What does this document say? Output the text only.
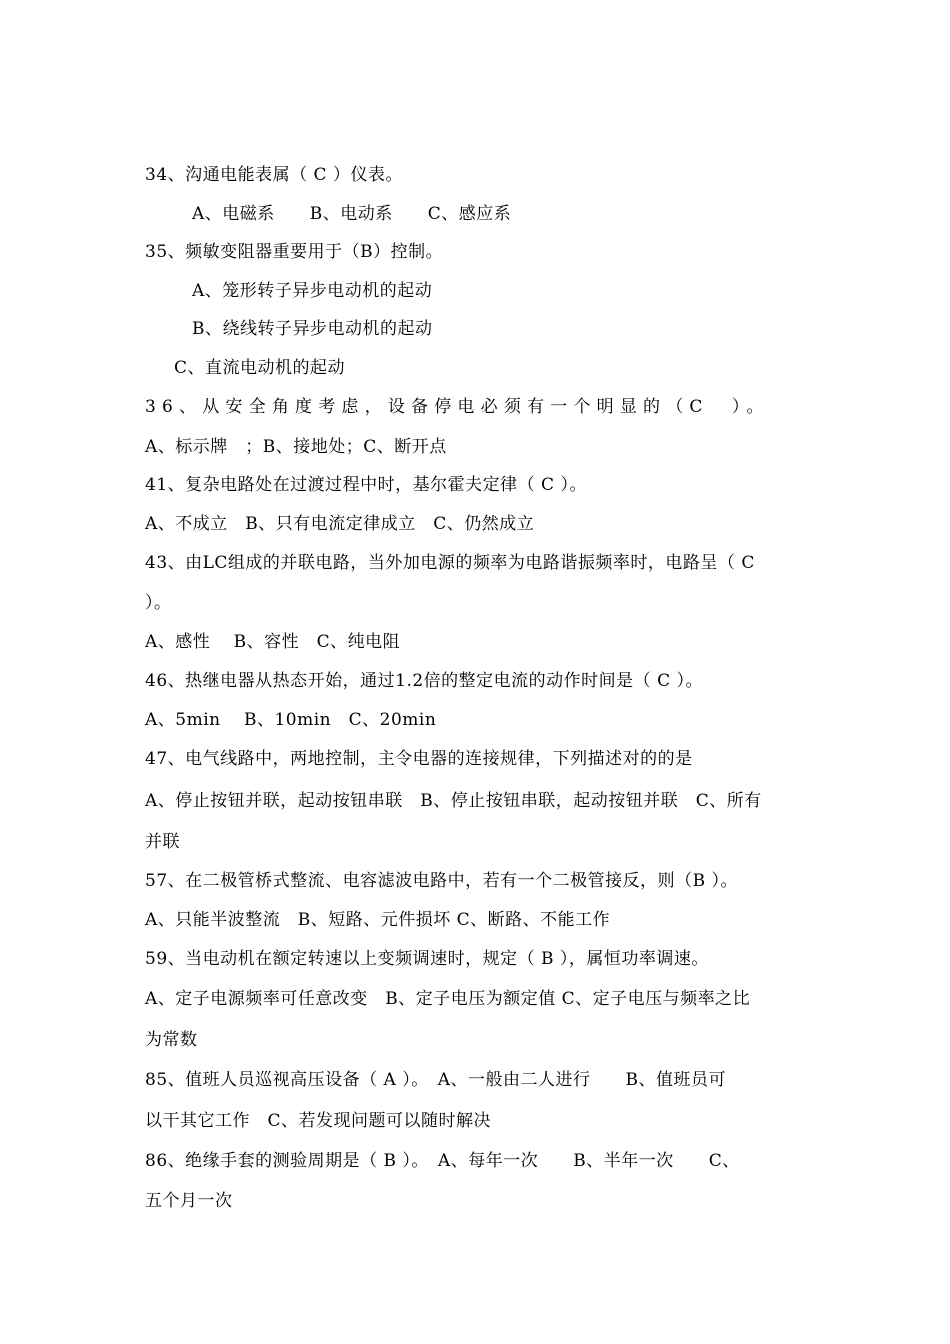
34、沟通电能表属（ C ）仪表。
A、电磁系　　B、电动系　　C、感应系
35、频敏变阻器重要用于（B）控制。
A、笼形转子异步电动机的起动
B、绕线转子异步电动机的起动
C、直流电动机的起动
36、从安全角度考虑，设备停电必须有一个明显的（C　）。
A、标示牌　；B、接地处；C、断开点
41、复杂电路处在过渡过程中时，基尔霍夫定律（ C ）。
A、不成立　B、只有电流定律成立　C、仍然成立
43、由LC组成的并联电路，当外加电源的频率为电路谐振频率时，电路呈（ C
）。
A、感性　 B、容性　C、纯电阻
46、热继电器从热态开始，通过1.2倍的整定电流的动作时间是（ C ）。
A、5min　 B、10min　C、20min
47、电气线路中，两地控制，主令电器的连接规律，下列描述对的的是
A、停止按钮并联，起动按钮串联　B、停止按钮串联，起动按钮并联　C、所有
并联
57、在二极管桥式整流、电容滤波电路中，若有一个二极管接反，则（B ）。
A、只能半波整流　B、短路、元件损坏 C、断路、不能工作
59、当电动机在额定转速以上变频调速时，规定（ B ），属恒功率调速。
A、定子电源频率可任意改变　B、定子电压为额定值 C、定子电压与频率之比
为常数
85、值班人员巡视高压设备（ A ）。　A、一般由二人进行　　B、值班员可
以干其它工作　C、若发现问题可以随时解决
86、绝缘手套的测验周期是（ B ）。　A、每年一次　　B、半年一次　　C、
五个月一次
